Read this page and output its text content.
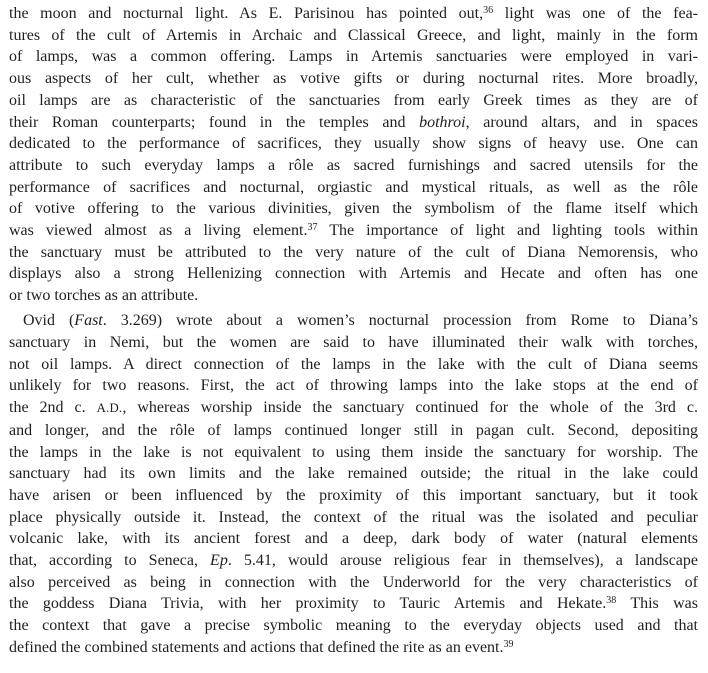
the moon and nocturnal light. As E. Parisinou has pointed out,$^{36}$ light was one of the fea-
tures of the cult of Artemis in Archaic and Classical Greece, and light, mainly in the form
of lamps, was a common offering. Lamps in Artemis sanctuaries were employed in vari-
ous aspects of her cult, whether as votive gifts or during nocturnal rites. More broadly,
oil lamps are as characteristic of the sanctuaries from early Greek times as they are of
their Roman counterparts; found in the temples and bothroi, around altars, and in spaces
dedicated to the performance of sacrifices, they usually show signs of heavy use. One can
attribute to such everyday lamps a rôle as sacred furnishings and sacred utensils for the
performance of sacrifices and nocturnal, orgiastic and mystical rituals, as well as the rôle
of votive offering to the various divinities, given the symbolism of the flame itself which
was viewed almost as a living element.$^{37}$ The importance of light and lighting tools within
the sanctuary must be attributed to the very nature of the cult of Diana Nemorensis, who
displays also a strong Hellenizing connection with Artemis and Hecate and often has one
or two torches as an attribute.
Ovid (Fast. 3.269) wrote about a women’s nocturnal procession from Rome to Diana’s
sanctuary in Nemi, but the women are said to have illuminated their walk with torches,
not oil lamps. A direct connection of the lamps in the lake with the cult of Diana seems
unlikely for two reasons. First, the act of throwing lamps into the lake stops at the end of
the 2nd c. A.D., whereas worship inside the sanctuary continued for the whole of the 3rd c.
and longer, and the rôle of lamps continued longer still in pagan cult. Second, depositing
the lamps in the lake is not equivalent to using them inside the sanctuary for worship. The
sanctuary had its own limits and the lake remained outside; the ritual in the lake could
have arisen or been influenced by the proximity of this important sanctuary, but it took
place physically outside it. Instead, the context of the ritual was the isolated and peculiar
volcanic lake, with its ancient forest and a deep, dark body of water (natural elements
that, according to Seneca, Ep. 5.41, would arouse religious fear in themselves), a landscape
also perceived as being in connection with the Underworld for the very characteristics of
the goddess Diana Trivia, with her proximity to Tauric Artemis and Hekate.$^{38}$ This was
the context that gave a precise symbolic meaning to the everyday objects used and that
defined the combined statements and actions that defined the rite as an event.$^{39}$
